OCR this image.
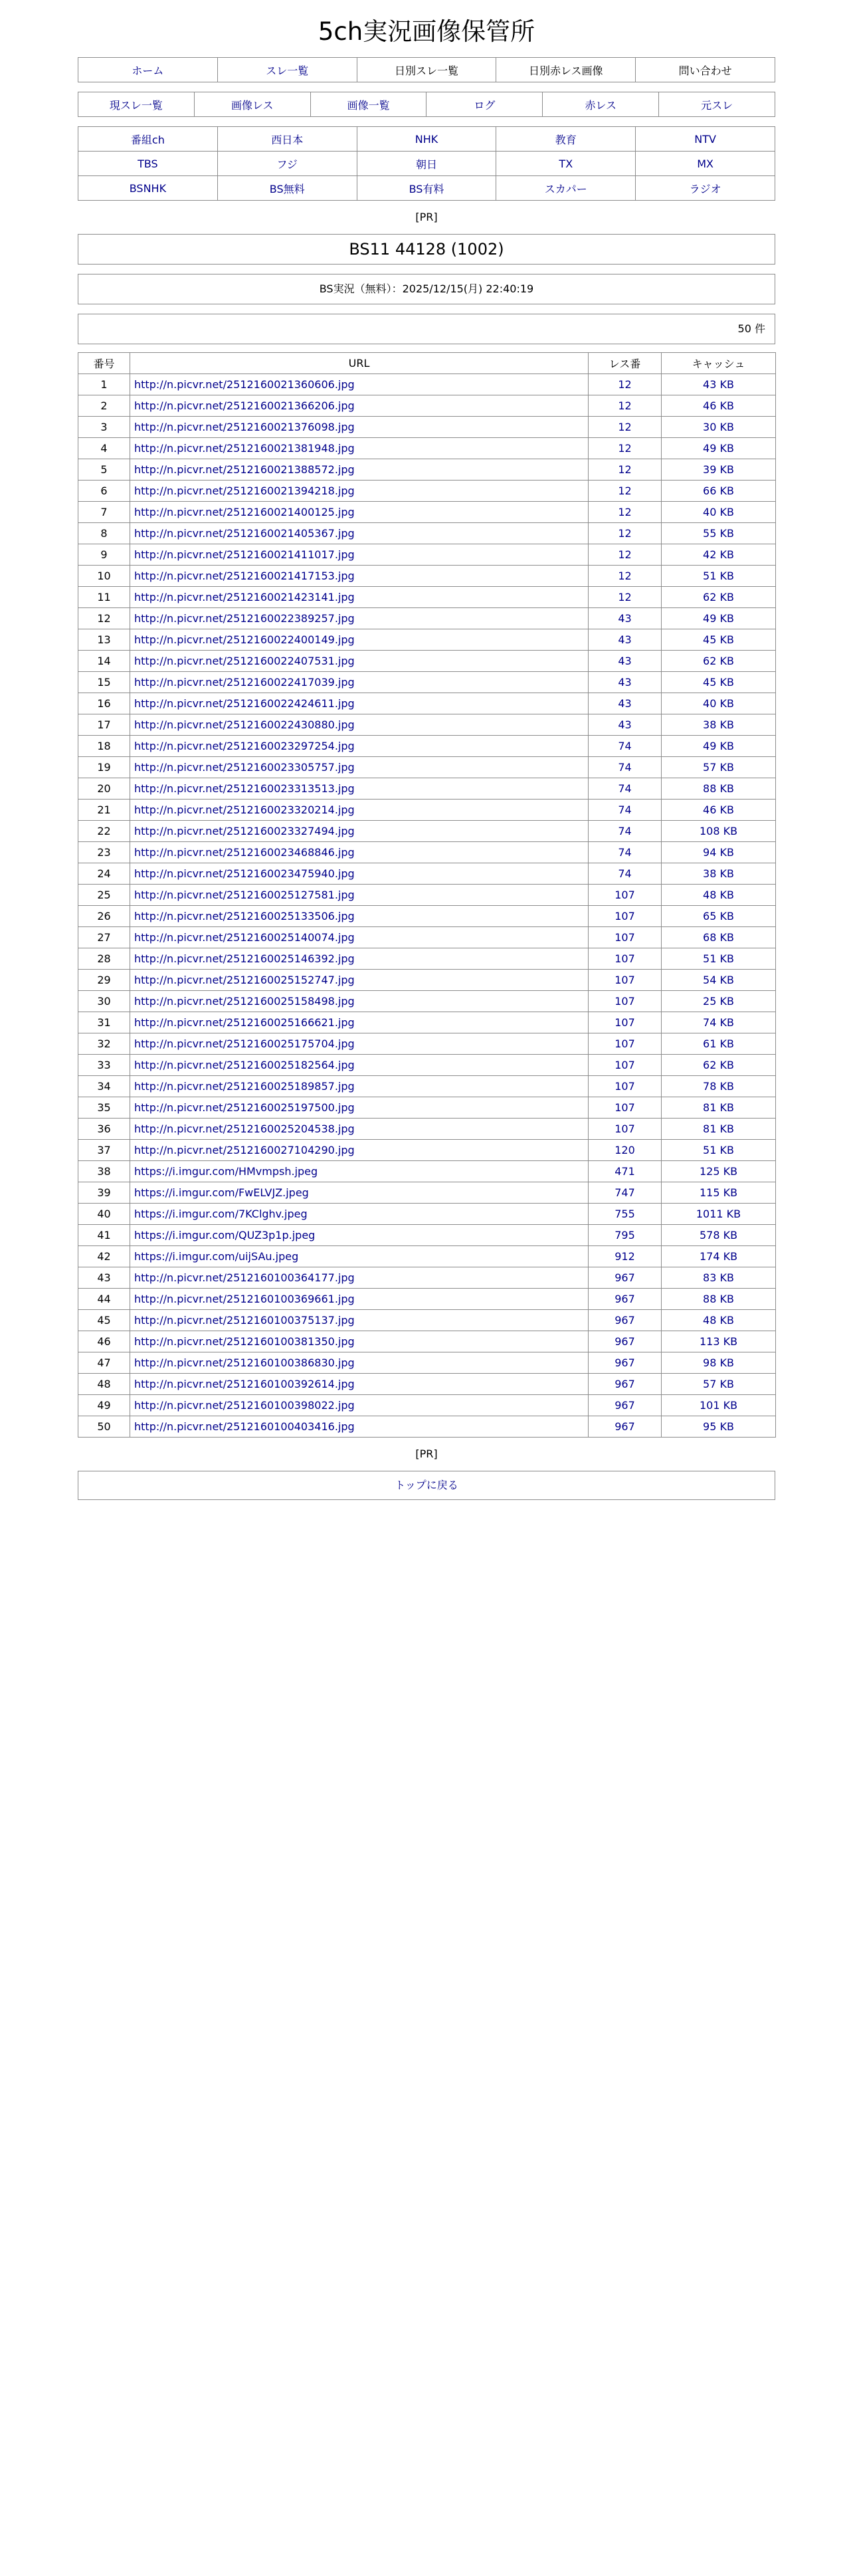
5ch実況画像保管所
ホーム	スレ一覧	日別スレ一覧	日別赤レス画像	問い合わせ
現スレ一覧	画像レス	画像一覧	ログ	赤レス	元スレ
番組ch	西日本	NHK	教育	NTV
TBS	フジ	朝日	TX	MX
BSNHK	BS無料	BS有料	スカパー	ラジオ
[PR]
BS11 44128 (1002)
BS実況（無料）：2025/12/15(月) 22:40:19
50 件
番号	URL	レス番	キャッシュ
1	http://n.picvr.net/2512160021360606.jpg	12	43 KB
2	http://n.picvr.net/2512160021366206.jpg	12	46 KB
3	http://n.picvr.net/2512160021376098.jpg	12	30 KB
4	http://n.picvr.net/2512160021381948.jpg	12	49 KB
5	http://n.picvr.net/2512160021388572.jpg	12	39 KB
6	http://n.picvr.net/2512160021394218.jpg	12	66 KB
7	http://n.picvr.net/2512160021400125.jpg	12	40 KB
8	http://n.picvr.net/2512160021405367.jpg	12	55 KB
9	http://n.picvr.net/2512160021411017.jpg	12	42 KB
10	http://n.picvr.net/2512160021417153.jpg	12	51 KB
11	http://n.picvr.net/2512160021423141.jpg	12	62 KB
12	http://n.picvr.net/2512160022389257.jpg	43	49 KB
13	http://n.picvr.net/2512160022400149.jpg	43	45 KB
14	http://n.picvr.net/2512160022407531.jpg	43	62 KB
15	http://n.picvr.net/2512160022417039.jpg	43	45 KB
16	http://n.picvr.net/2512160022424611.jpg	43	40 KB
17	http://n.picvr.net/2512160022430880.jpg	43	38 KB
18	http://n.picvr.net/2512160023297254.jpg	74	49 KB
19	http://n.picvr.net/2512160023305757.jpg	74	57 KB
20	http://n.picvr.net/2512160023313513.jpg	74	88 KB
21	http://n.picvr.net/2512160023320214.jpg	74	46 KB
22	http://n.picvr.net/2512160023327494.jpg	74	108 KB
23	http://n.picvr.net/2512160023468846.jpg	74	94 KB
24	http://n.picvr.net/2512160023475940.jpg	74	38 KB
25	http://n.picvr.net/2512160025127581.jpg	107	48 KB
26	http://n.picvr.net/2512160025133506.jpg	107	65 KB
27	http://n.picvr.net/2512160025140074.jpg	107	68 KB
28	http://n.picvr.net/2512160025146392.jpg	107	51 KB
29	http://n.picvr.net/2512160025152747.jpg	107	54 KB
30	http://n.picvr.net/2512160025158498.jpg	107	25 KB
31	http://n.picvr.net/2512160025166621.jpg	107	74 KB
32	http://n.picvr.net/2512160025175704.jpg	107	61 KB
33	http://n.picvr.net/2512160025182564.jpg	107	62 KB
34	http://n.picvr.net/2512160025189857.jpg	107	78 KB
35	http://n.picvr.net/2512160025197500.jpg	107	81 KB
36	http://n.picvr.net/2512160025204538.jpg	107	81 KB
37	http://n.picvr.net/2512160027104290.jpg	120	51 KB
38	https://i.imgur.com/HMvmpsh.jpeg	471	125 KB
39	https://i.imgur.com/FwELVJZ.jpeg	747	115 KB
40	https://i.imgur.com/7KClghv.jpeg	755	1011 KB
41	https://i.imgur.com/QUZ3p1p.jpeg	795	578 KB
42	https://i.imgur.com/uijSAu.jpeg	912	174 KB
43	http://n.picvr.net/2512160100364177.jpg	967	83 KB
44	http://n.picvr.net/2512160100369661.jpg	967	88 KB
45	http://n.picvr.net/2512160100375137.jpg	967	48 KB
46	http://n.picvr.net/2512160100381350.jpg	967	113 KB
47	http://n.picvr.net/2512160100386830.jpg	967	98 KB
48	http://n.picvr.net/2512160100392614.jpg	967	57 KB
49	http://n.picvr.net/2512160100398022.jpg	967	101 KB
50	http://n.picvr.net/2512160100403416.jpg	967	95 KB
[PR]
トップに戻る
